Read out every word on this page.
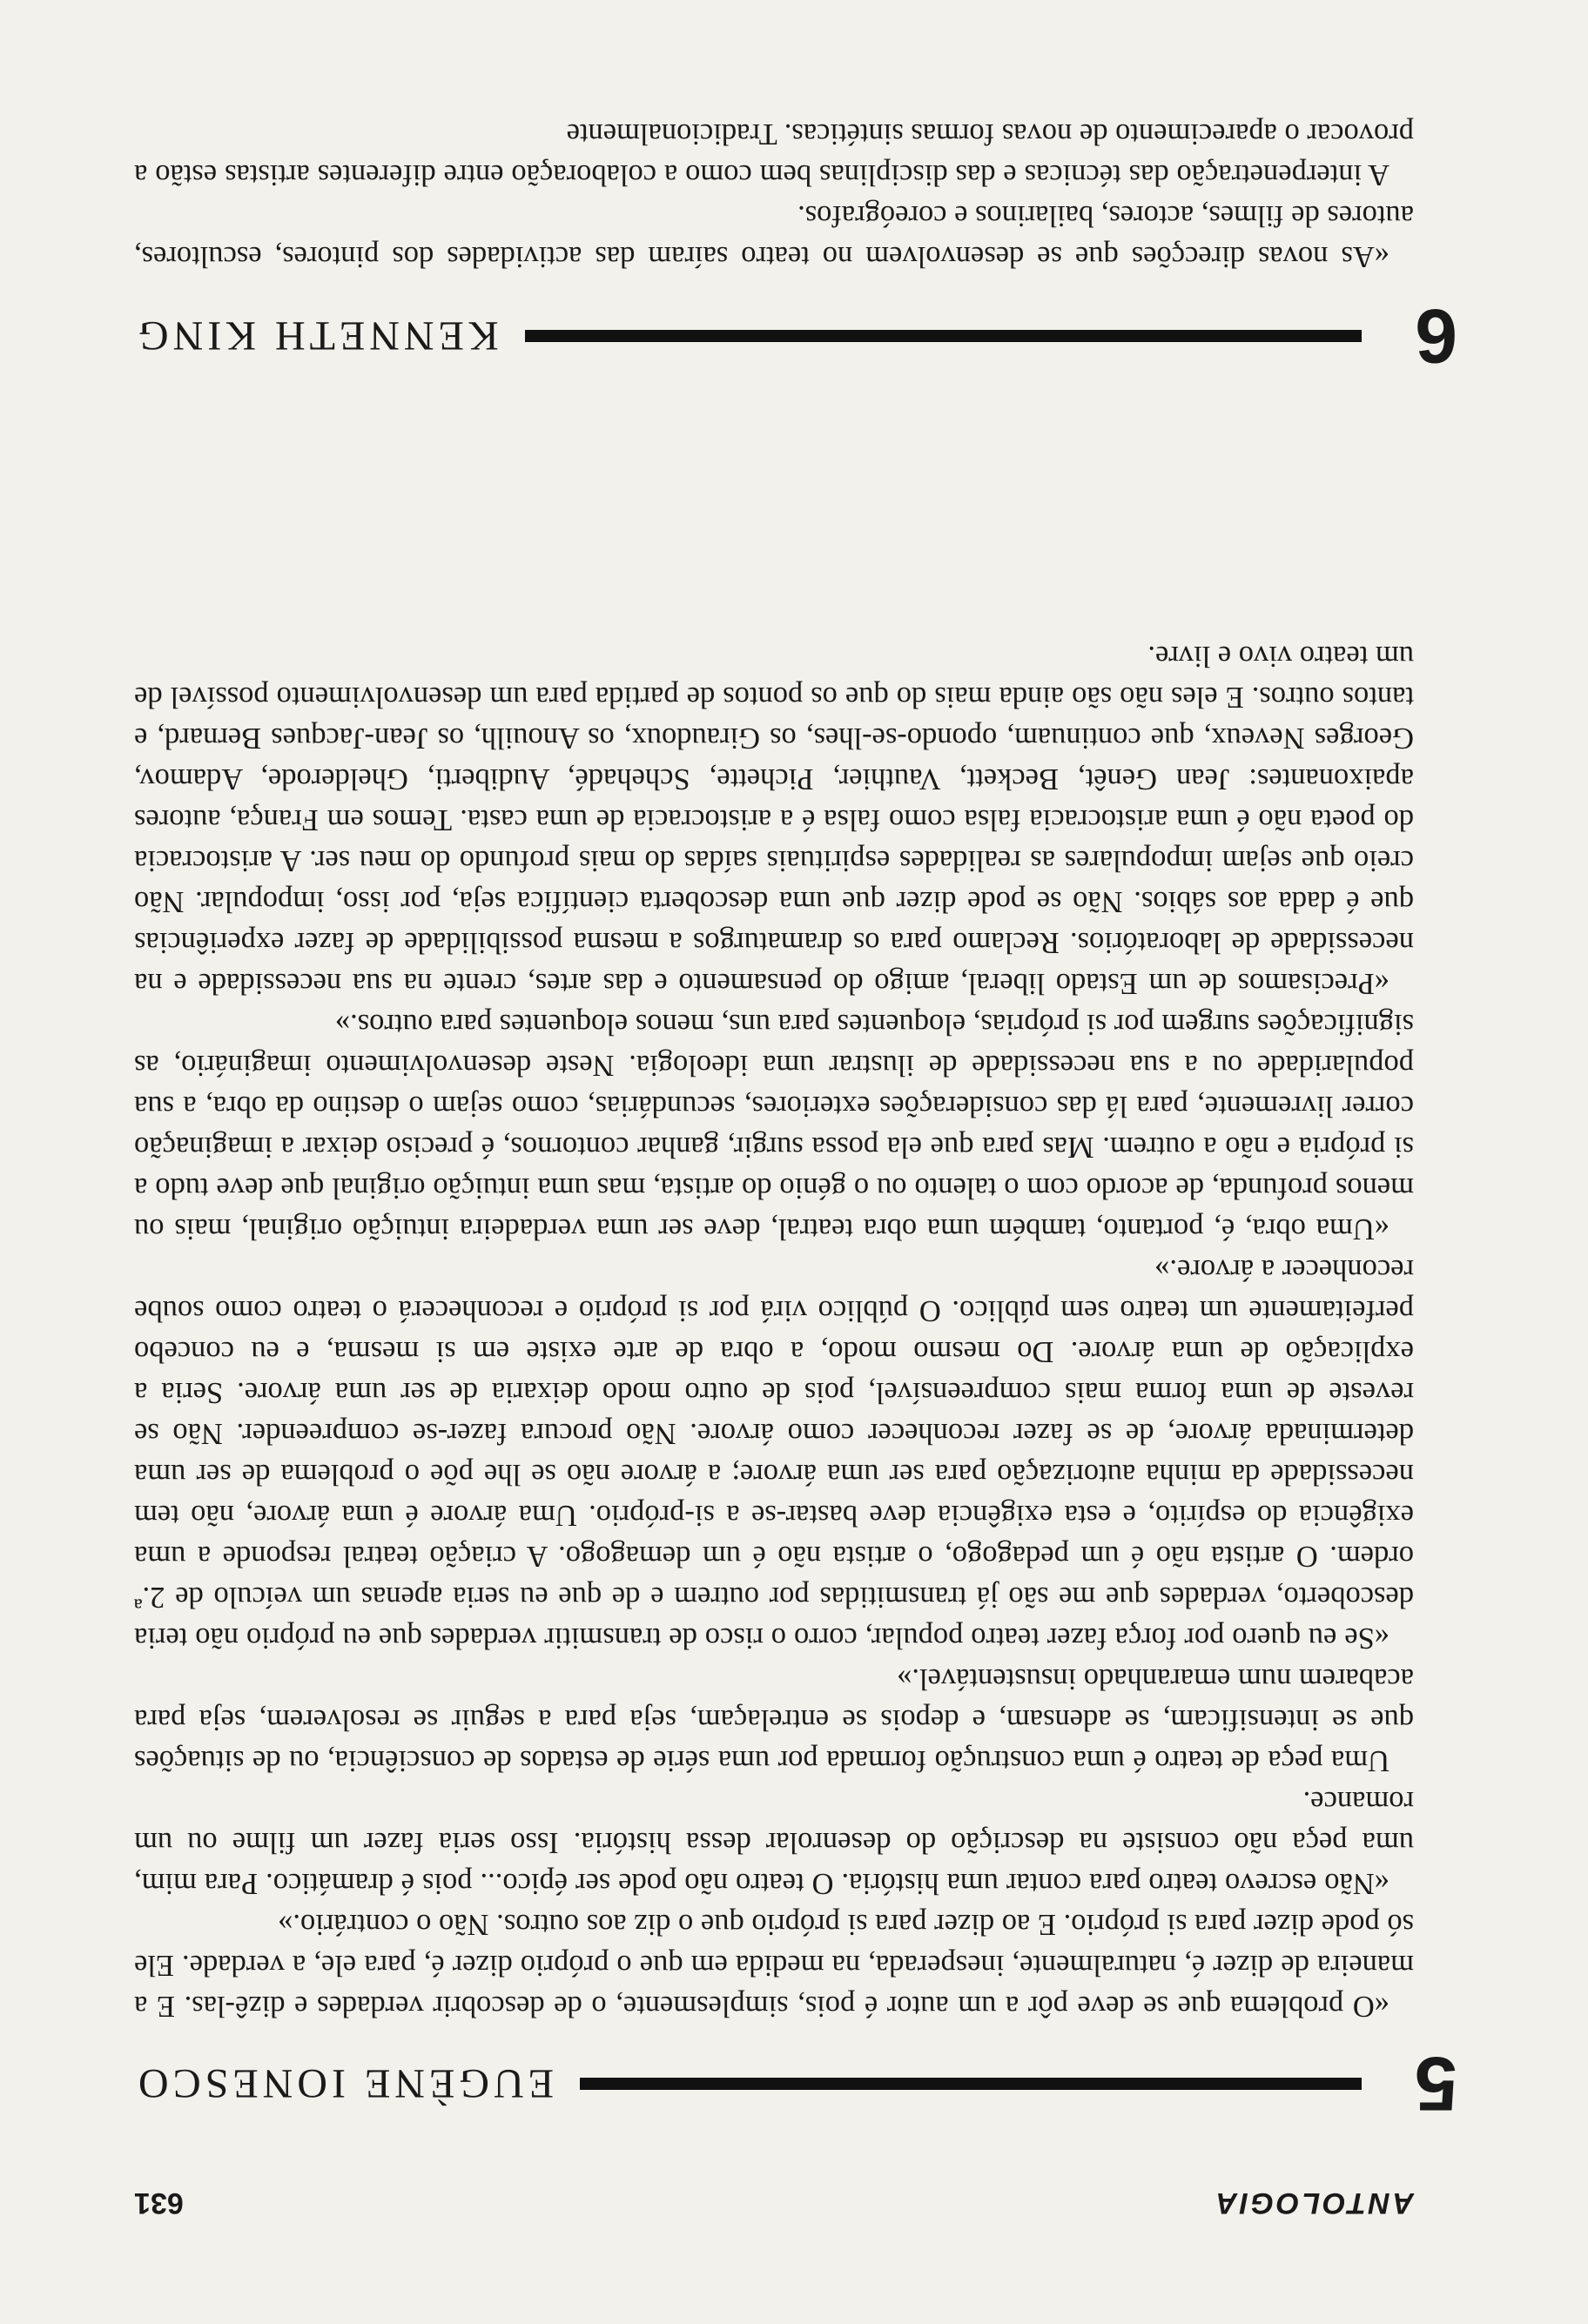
ANTOLOGIA
631
5
EUGÈNE IONESCO

«O problema que se deve pôr a um autor é pois, simplesmente, o de descobrir verdades e dizê-las. E a maneira de dizer é, naturalmente, inesperada, na medida em que o próprio dizer é, para ele, a verdade. Ele só pode dizer para si próprio. E ao dizer para si próprio que o diz aos outros. Não o contrário.»

«Não escrevo teatro para contar uma história. O teatro não pode ser épico... pois é dramático. Para mim, uma peça não consiste na descrição do desenrolar dessa história. Isso seria fazer um filme ou um romance.

Uma peça de teatro é uma construção formada por uma série de estados de consciência, ou de situações que se intensificam, se adensam, e depois se entrelaçam, seja para a seguir se resolverem, seja para acabarem num emaranhado insustentável.»

«Se eu quero por força fazer teatro popular, corro o risco de transmitir verdades que eu próprio não teria descoberto, verdades que me são já transmitidas por outrem e de que eu seria apenas um veículo de 2.ª ordem. O artista não é um pedagogo, o artista não é um demagogo. A criação teatral responde a uma exigência do espírito, e esta exigência deve bastar-se a si-próprio. Uma árvore é uma árvore, não tem necessidade da minha autorização para ser uma árvore; a árvore não se lhe põe o problema de ser uma determinada árvore, de se fazer reconhecer como árvore. Não procura fazer-se compreender. Não se reveste de uma forma mais compreensível, pois de outro modo deixaria de ser uma árvore. Seria a explicação de uma árvore. Do mesmo modo, a obra de arte existe em si mesma, e eu concebo perfeitamente um teatro sem público. O público virá por si próprio e reconhecerá o teatro como soube reconhecer a árvore.»

«Uma obra, é, portanto, também uma obra teatral, deve ser uma verdadeira intuição original, mais ou menos profunda, de acordo com o talento ou o génio do artista, mas uma intuição original que deve tudo a si própria e não a outrem. Mas para que ela possa surgir, ganhar contornos, é preciso deixar a imaginação correr livremente, para lá das considerações exteriores, secundárias, como sejam o destino da obra, a sua popularidade ou a sua necessidade de ilustrar uma ideologia. Neste desenvolvimento imaginário, as significações surgem por si próprias, eloquentes para uns, menos eloquentes para outros.»

«Precisamos de um Estado liberal, amigo do pensamento e das artes, crente na sua necessidade e na necessidade de laboratórios. Reclamo para os dramaturgos a mesma possibilidade de fazer experiências que é dada aos sábios. Não se pode dizer que uma descoberta científica seja, por isso, impopular. Não creio que sejam impopulares as realidades espirituais saídas do mais profundo do meu ser. A aristocracia do poeta não é uma aristocracia falsa como falsa é a aristocracia de uma casta. Temos em França, autores apaixonantes: Jean Genêt, Beckett, Vauthier, Pichette, Schehadé, Audiberti, Ghelderode, Adamov, Georges Neveux, que continuam, opondo-se-lhes, os Giraudoux, os Anouilh, os Jean-Jacques Bernard, e tantos outros. E eles não são ainda mais do que os pontos de partida para um desenvolvimento possível de um teatro vivo e livre.

6
KENNETH KING

«As novas direcções que se desenvolvem no teatro saíram das actividades dos pintores, escultores, autores de filmes, actores, bailarinos e coreógrafos.

A interpenetração das técnicas e das disciplinas bem como a colaboração entre diferentes artistas estão a provocar o aparecimento de novas formas sintéticas. Tradicionalmente
